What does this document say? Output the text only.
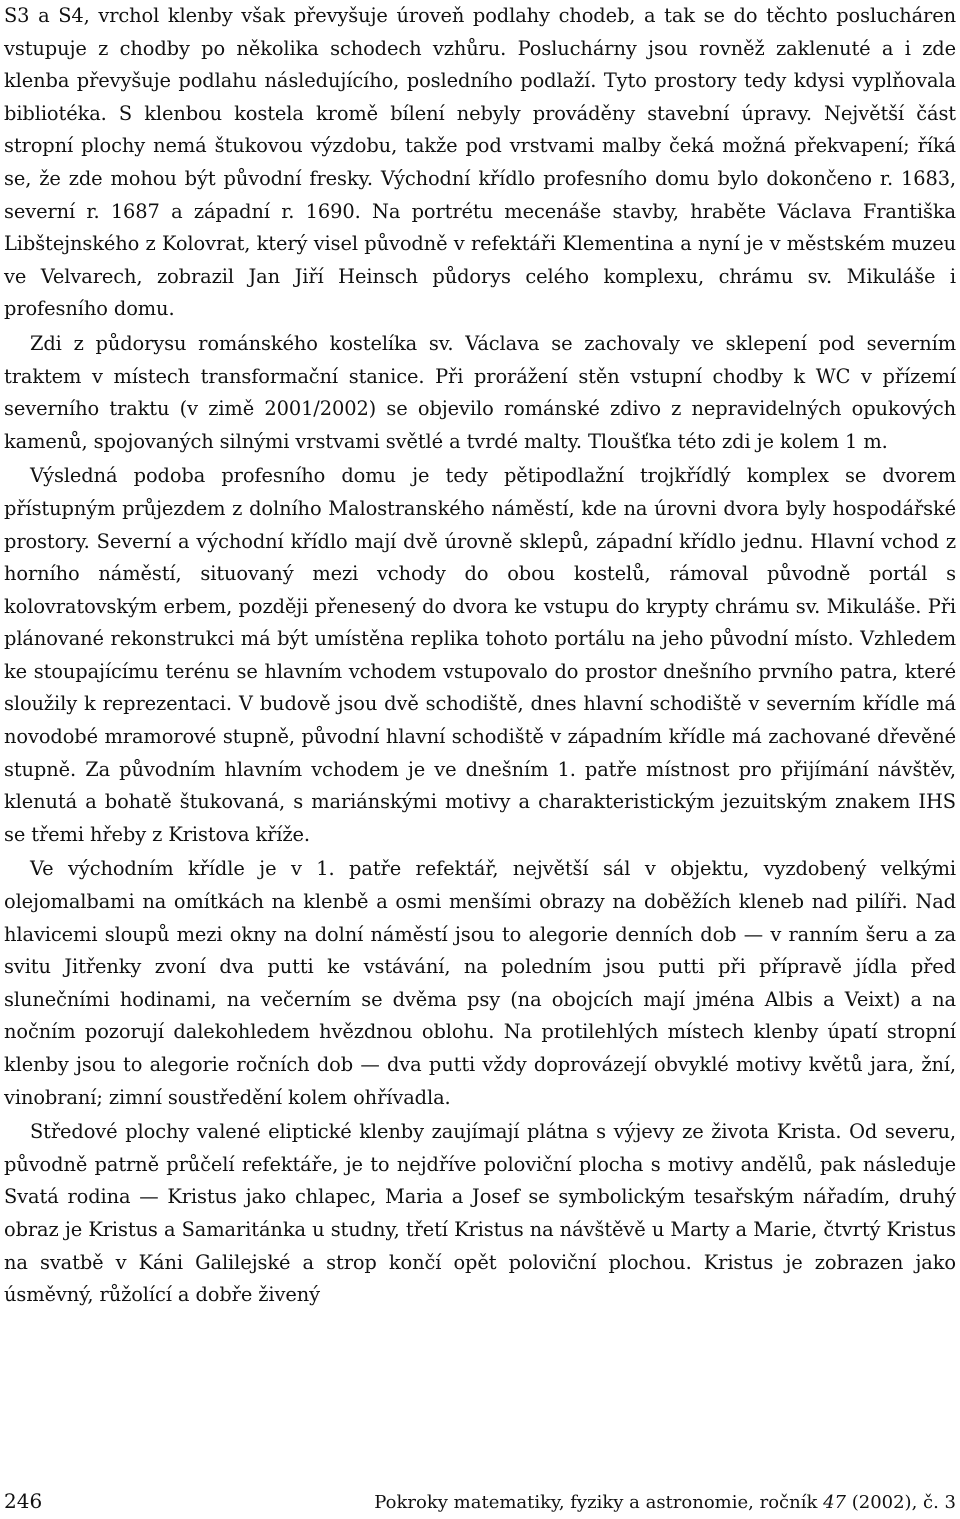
S3 a S4, vrchol klenby však převyšuje úroveň podlahy chodeb, a tak se do těchto poslucháren vstupuje z chodby po několika schodech vzhůru. Posluchárny jsou rovněž zaklenuté a i zde klenba převyšuje podlahu následujícího, posledního podlaží. Tyto prostory tedy kdysi vyplňovala bibliotéka. S klenbou kostela kromě bílení nebyly prováděny stavební úpravy. Největší část stropní plochy nemá štukovou výzdobu, takže pod vrstvami malby čeká možná překvapení; říká se, že zde mohou být původní fresky. Východní křídlo profesního domu bylo dokončeno r. 1683, severní r. 1687 a západní r. 1690. Na portrétu mecenáše stavby, hraběte Václava Františka Libštejnského z Kolovrat, který visel původně v refektáři Klementina a nyní je v městském muzeu ve Velvarech, zobrazil Jan Jiří Heinsch půdorys celého komplexu, chrámu sv. Mikuláše i profesního domu.

Zdi z půdorysu románského kostelíka sv. Václava se zachovaly ve sklepení pod severním traktem v místech transformační stanice. Při prorážení stěn vstupní chodby k WC v přízemí severního traktu (v zimě 2001/2002) se objevilo románské zdivo z nepravidelných opukových kamenů, spojovaných silnými vrstvami světlé a tvrdé malty. Tloušťka této zdi je kolem 1 m.

Výsledná podoba profesního domu je tedy pětipodlažní trojkřídlý komplex se dvorem přístupným průjezdem z dolního Malostranského náměstí, kde na úrovni dvora byly hospodářské prostory. Severní a východní křídlo mají dvě úrovně sklepů, západní křídlo jednu. Hlavní vchod z horního náměstí, situovaný mezi vchody do obou kostelů, rámoval původně portál s kolovratovským erbem, později přenesený do dvora ke vstupu do krypty chrámu sv. Mikuláše. Při plánované rekonstrukci má být umístěna replika tohoto portálu na jeho původní místo. Vzhledem ke stoupajícímu terénu se hlavním vchodem vstupovalo do prostor dnešního prvního patra, které sloužily k reprezentaci. V budově jsou dvě schodiště, dnes hlavní schodiště v severním křídle má novodobé mramorové stupně, původní hlavní schodiště v západním křídle má zachované dřevěné stupně. Za původním hlavním vchodem je ve dnešním 1. patře místnost pro přijímání návštěv, klenutá a bohatě štukovaná, s mariánskými motivy a charakteristickým jezuitským znakem IHS se třemi hřeby z Kristova kříže.

Ve východním křídle je v 1. patře refektář, největší sál v objektu, vyzdobený velkými olejomalbami na omítkách na klenbě a osmi menšími obrazy na doběžích kleneb nad pilíři. Nad hlavicemi sloupů mezi okny na dolní náměstí jsou to alegorie denních dob — v ranním šeru a za svitu Jitřenky zvoní dva putti ke vstávání, na poledním jsou putti při přípravě jídla před slunečními hodinami, na večerním se dvěma psy (na obojcích mají jména Albis a Veixt) a na nočním pozorují dalekohledem hvězdnou oblohu. Na protilehlých místech klenby úpatí stropní klenby jsou to alegorie ročních dob — dva putti vždy doprovázejí obvyklé motivy květů jara, žní, vinobraní; zimní soustředění kolem ohřívadla.

Středové plochy valené eliptické klenby zaujímají plátna s výjevy ze života Krista. Od severu, původně patrně průčelí refektáře, je to nejdříve poloviční plocha s motivy andělů, pak následuje Svatá rodina — Kristus jako chlapec, Maria a Josef se symbolickým tesařským nářadím, druhý obraz je Kristus a Samaritánka u studny, třetí Kristus na návštěvě u Marty a Marie, čtvrtý Kristus na svatbě v Káni Galilejské a strop končí opět poloviční plochou. Kristus je zobrazen jako úsměvný, růžolící a dobře živený

246	Pokroky matematiky, fyziky a astronomie, ročník 47 (2002), č. 3
